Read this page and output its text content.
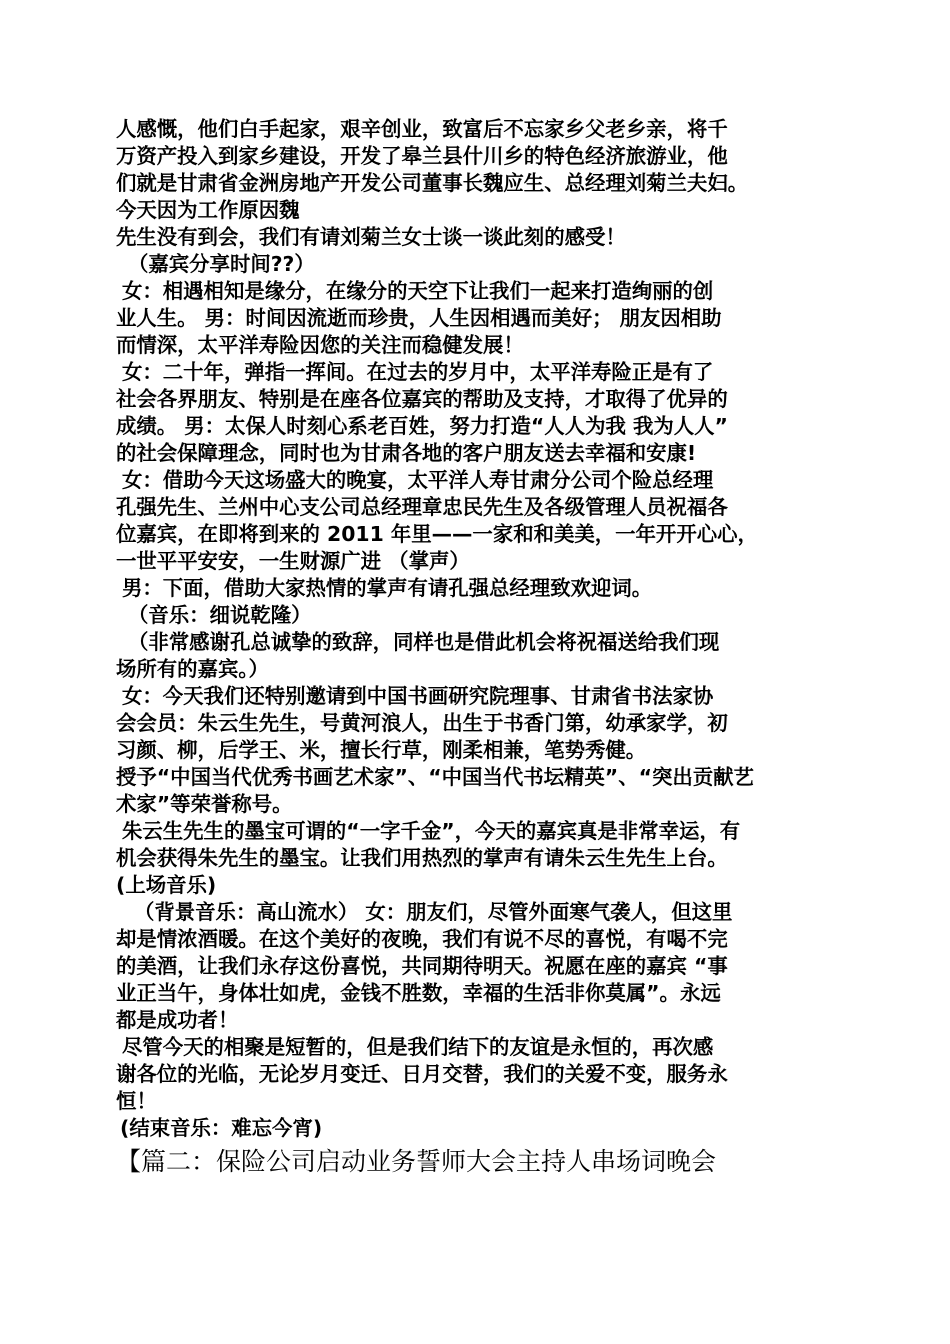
人感慨，他们白手起家，艰辛创业，致富后不忘家乡父老乡亲，将千
万资产投入到家乡建设，开发了皋兰县什川乡的特色经济旅游业，他
们就是甘肃省金洲房地产开发公司董事长魏应生、总经理刘菊兰夫妇。
今天因为工作原因魏
先生没有到会，我们有请刘菊兰女士谈一谈此刻的感受！
（嘉宾分享时间??）
女：相遇相知是缘分，在缘分的天空下让我们一起来打造绚丽的创
业人生。 男：时间因流逝而珍贵，人生因相遇而美好； 朋友因相助
而情深，太平洋寿险因您的关注而稳健发展！
女：二十年，弹指一挥间。在过去的岁月中，太平洋寿险正是有了
社会各界朋友、特别是在座各位嘉宾的帮助及支持，才取得了优异的
成绩。 男：太保人时刻心系老百姓，努力打造“人人为我 我为人人”
的社会保障理念，同时也为甘肃各地的客户朋友送去幸福和安康!
女：借助今天这场盛大的晚宴，太平洋人寿甘肃分公司个险总经理
孔强先生、兰州中心支公司总经理章忠民先生及各级管理人员祝福各
位嘉宾，在即将到来的 2011 年里——一家和和美美，一年开开心心，
一世平平安安，一生财源广进 （掌声）
男：下面，借助大家热情的掌声有请孔强总经理致欢迎词。
（音乐：细说乾隆）
（非常感谢孔总诚挚的致辞，同样也是借此机会将祝福送给我们现
场所有的嘉宾。）
女：今天我们还特别邀请到中国书画研究院理事、甘肃省书法家协
会会员：朱云生先生，号黄河浪人，出生于书香门第，幼承家学，初
习颜、柳，后学王、米，擅长行草，刚柔相兼，笔势秀健。
授予“中国当代优秀书画艺术家”、“中国当代书坛精英”、“突出贡献艺
术家”等荣誉称号。
朱云生先生的墨宝可谓的“一字千金”，今天的嘉宾真是非常幸运，有
机会获得朱先生的墨宝。让我们用热烈的掌声有请朱云生先生上台。
(上场音乐)
（背景音乐：高山流水） 女：朋友们，尽管外面寒气袭人，但这里
却是情浓酒暖。在这个美好的夜晚，我们有说不尽的喜悦，有喝不完
的美酒，让我们永存这份喜悦，共同期待明天。祝愿在座的嘉宾 “事
业正当午，身体壮如虎，金钱不胜数，幸福的生活非你莫属”。永远
都是成功者！
尽管今天的相聚是短暂的，但是我们结下的友谊是永恒的，再次感
谢各位的光临，无论岁月变迁、日月交替，我们的关爱不变，服务永
恒！
(结束音乐：难忘今宵)
【篇二：保险公司启动业务誓师大会主持人串场词晚会
